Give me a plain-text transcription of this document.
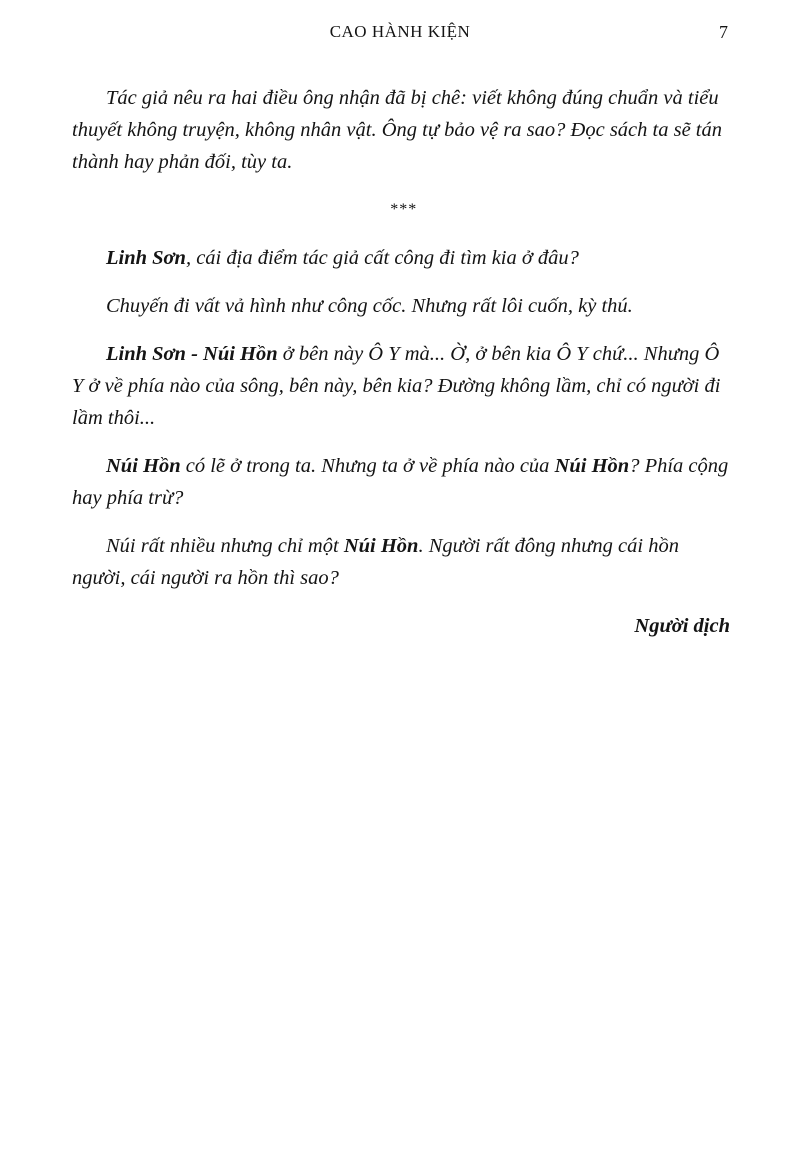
CAO HÀNH KIỆN	7

Tác giả nêu ra hai điều ông nhận đã bị chê: viết không đúng chuẩn và tiểu thuyết không truyện, không nhân vật. Ông tự bảo vệ ra sao? Đọc sách ta sẽ tán thành hay phản đối, tùy ta.

***

Linh Sơn, cái địa điểm tác giả cất công đi tìm kia ở đâu?

Chuyến đi vất vả hình như công cốc. Nhưng rất lôi cuốn, kỳ thú.

Linh Sơn - Núi Hồn ở bên này Ô Y mà... Ờ, ở bên kia Ô Y chứ... Nhưng Ô Y ở về phía nào của sông, bên này, bên kia? Đường không lầm, chỉ có người đi lầm thôi...

Núi Hồn có lẽ ở trong ta. Nhưng ta ở về phía nào của Núi Hồn? Phía cộng hay phía trừ?

Núi rất nhiều nhưng chỉ một Núi Hồn. Người rất đông nhưng cái hồn người, cái người ra hồn thì sao?

Người dịch
